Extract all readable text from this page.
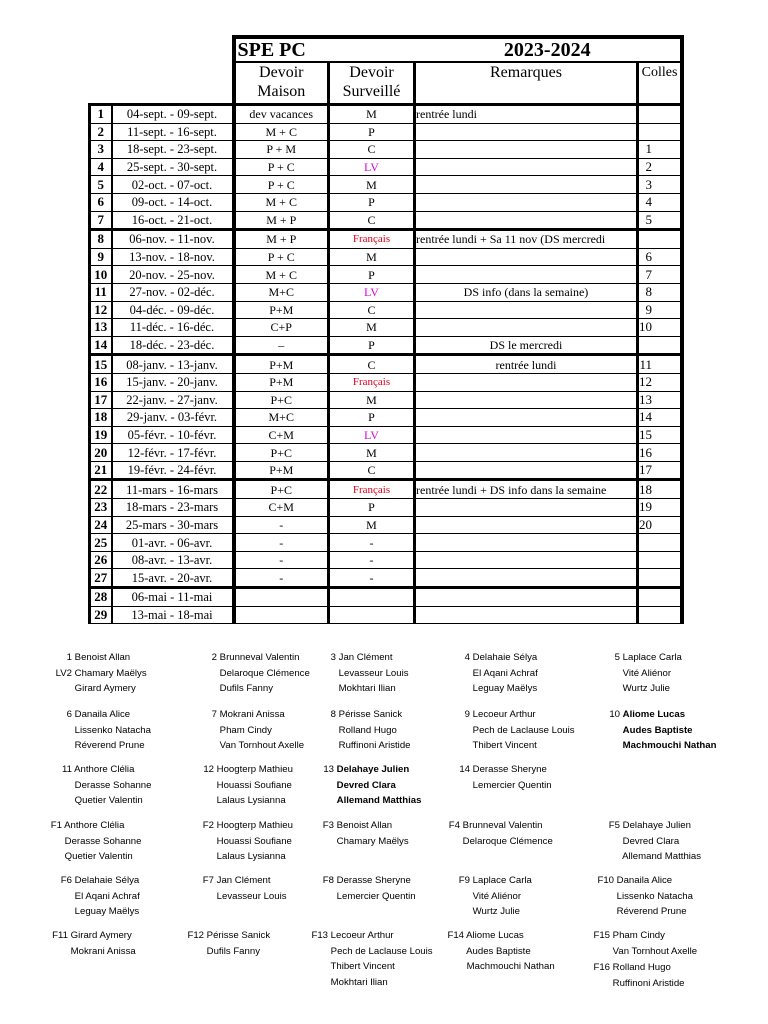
		SPE PC		2023-2024	
		Devoir Maison	Devoir Surveillé	Remarques	Colles
1	04-sept. - 09-sept.	dev vacances	M	rentrée lundi	
2	11-sept. - 16-sept.	M + C	P		
3	18-sept. - 23-sept.	P + M	C		1
4	25-sept. - 30-sept.	P + C	LV		2
5	02-oct. - 07-oct.	P + C	M		3
6	09-oct. - 14-oct.	M + C	P		4
7	16-oct. - 21-oct.	M + P	C		5
8	06-nov. - 11-nov.	M + P	Français	rentrée lundi + Sa 11 nov (DS mercredi	
9	13-nov. - 18-nov.	P + C	M		6
10	20-nov. - 25-nov.	M + C	P		7
11	27-nov. - 02-déc.	M+C	LV	DS info (dans la semaine)	8
12	04-déc. - 09-déc.	P+M	C		9
13	11-déc. - 16-déc.	C+P	M		10
14	18-déc. - 23-déc.	–	P	DS le mercredi	
15	08-janv. - 13-janv.	P+M	C	rentrée lundi	11
16	15-janv. - 20-janv.	P+M	Français		12
17	22-janv. - 27-janv.	P+C	M		13
18	29-janv. - 03-févr.	M+C	P		14
19	05-févr. - 10-févr.	C+M	LV		15
20	12-févr. - 17-févr.	P+C	M		16
21	19-févr. - 24-févr.	P+M	C		17
22	11-mars - 16-mars	P+C	Français	rentrée lundi + DS info dans la semaine	18
23	18-mars - 23-mars	C+M	P		19
24	25-mars - 30-mars	-	M		20
25	01-avr. - 06-avr.	-	-		
26	08-avr. - 13-avr.	-	-		
27	15-avr. - 20-avr.	-	-		
28	06-mai - 11-mai				
29	13-mai - 18-mai				
1 Benoist Allan
LV2 Chamary Maëlys
Girard Aymery
2 Brunneval Valentin
Delaroque Clémence
Dufils Fanny
3 Jan Clément
Levasseur Louis
Mokhtari Ilian
4 Delahaie Sélya
El Aqani Achraf
Leguay Maëlys
5 Laplace Carla
Vité Aliénor
Wurtz Julie
6 Danaila Alice
Lissenko Natacha
Réverend Prune
7 Mokrani Anissa
Pham Cindy
Van Tornhout Axelle
8 Périsse Sanick
Rolland Hugo
Ruffinoni Aristide
9 Lecoeur Arthur
Pech de Laclause Louis
Thibert Vincent
10 Aliome Lucas
Audes Baptiste
Machmouchi Nathan
11 Anthore Clélia
Derasse Sohanne
Quetier Valentin
12 Hoogterp Mathieu
Houassi Soufiane
Lalaus Lysianna
13 Delahaye Julien
Devred Clara
Allemand Matthias
14 Derasse Sheryne
Lemercier Quentin
F1 Anthore Clélia
Derasse Sohanne
Quetier Valentin
F2 Hoogterp Mathieu
Houassi Soufiane
Lalaus Lysianna
F3 Benoist Allan
Chamary Maëlys
F4 Brunneval Valentin
Delaroque Clémence
F5 Delahaye Julien
Devred Clara
Allemand Matthias
F6 Delahaie Sélya
El Aqani Achraf
Leguay Maëlys
F7 Jan Clément
Levasseur Louis
F8 Derasse Sheryne
Lemercier Quentin
F9 Laplace Carla
Vité Aliénor
Wurtz Julie
F10 Danaila Alice
Lissenko Natacha
Réverend Prune
F11 Girard Aymery
Mokrani Anissa
F12 Périsse Sanick
Dufils Fanny
F13 Lecoeur Arthur
Pech de Laclause Louis
Thibert Vincent
Mokhtari Ilian
F14 Aliome Lucas
Audes Baptiste
Machmouchi Nathan
F15 Pham Cindy
Van Tornhout Axelle
F16 Rolland Hugo
Ruffinoni Aristide
